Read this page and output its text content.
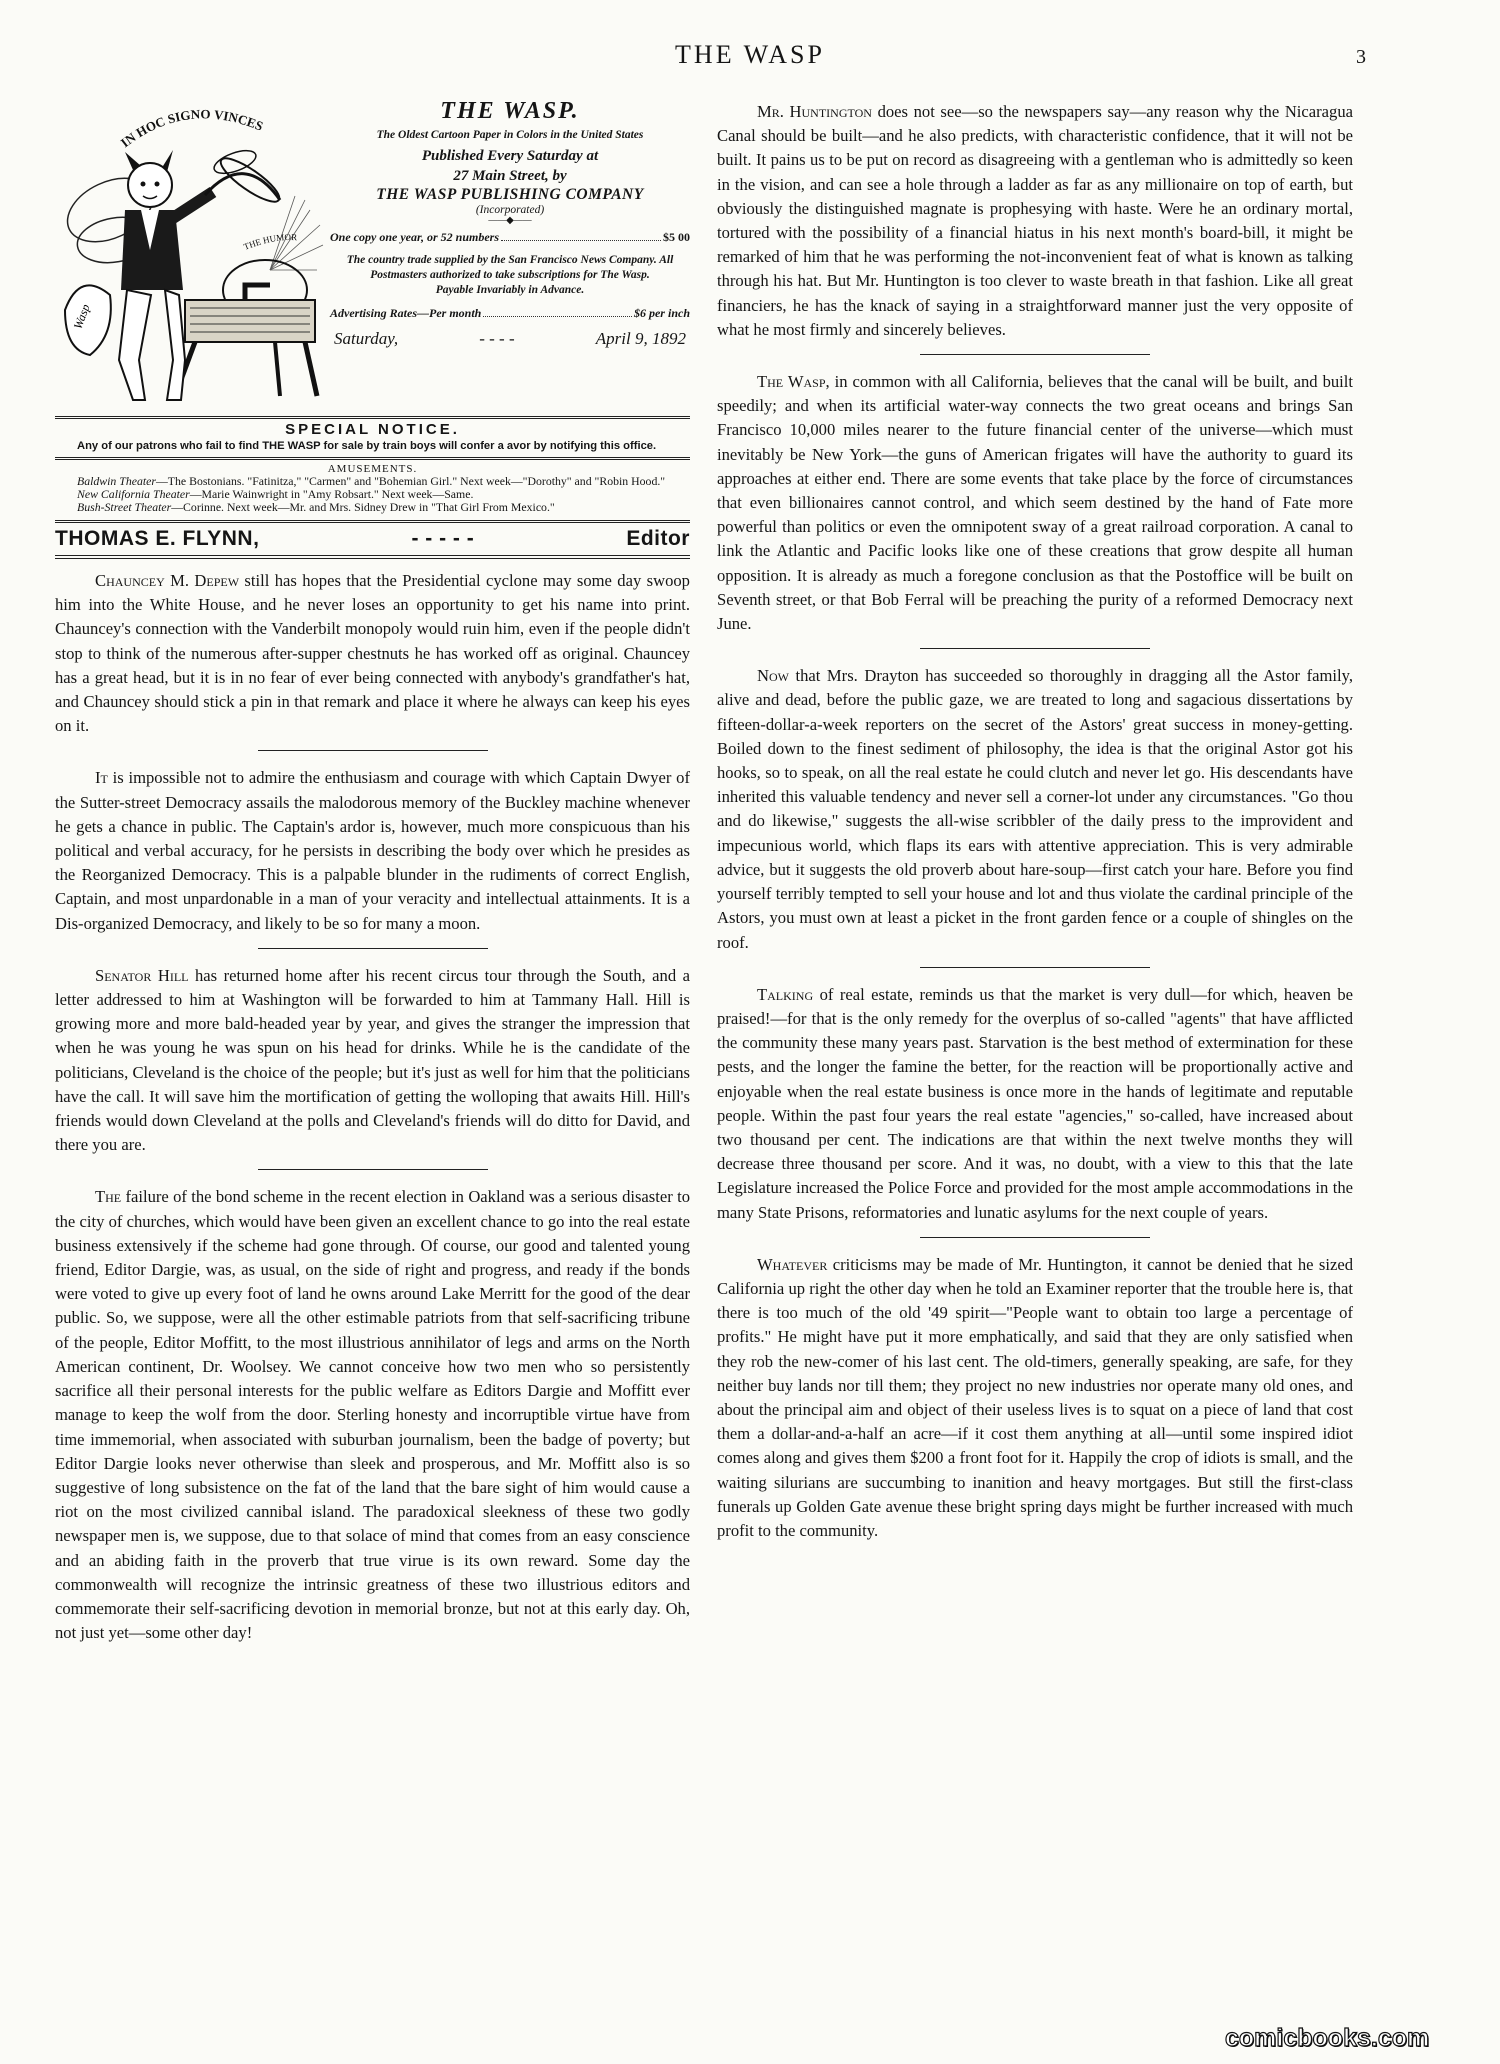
THE WASP	3
IN HOC SIGNO VINCES
THE HUMOR
Wasp
THE WASP.
The Oldest Cartoon Paper in Colors in the United States
Published Every Saturday at
27 Main Street, by
THE WASP PUBLISHING COMPANY
(Incorporated)
——◆——
One copy one year, or 52 numbers	$5 00
The country trade supplied by the San Francisco News Company. All Postmasters authorized to take subscriptions for The Wasp.
Payable Invariably in Advance.
Advertising Rates—Per month	$6 per inch
Saturday,	- - - -	April 9, 1892
SPECIAL NOTICE.
Any of our patrons who fail to find THE WASP for sale by train boys will confer a avor by notifying this office.
AMUSEMENTS.

Baldwin Theater—The Bostonians. "Fatinitza," "Carmen" and "Bohemian Girl." Next week—"Dorothy" and "Robin Hood."

New California Theater—Marie Wainwright in "Amy Robsart." Next week—Same.

Bush-Street Theater—Corinne. Next week—Mr. and Mrs. Sidney Drew in "That Girl From Mexico."

THOMAS E. FLYNN,	- - - - -	Editor

Chauncey M. Depew still has hopes that the Presidential cyclone may some day swoop him into the White House, and he never loses an opportunity to get his name into print. Chauncey's connection with the Vanderbilt monopoly would ruin him, even if the people didn't stop to think of the numerous after-supper chestnuts he has worked off as original. Chauncey has a great head, but it is in no fear of ever being connected with anybody's grandfather's hat, and Chauncey should stick a pin in that remark and place it where he always can keep his eyes on it.

It is impossible not to admire the enthusiasm and courage with which Captain Dwyer of the Sutter-street Democracy assails the malodorous memory of the Buckley machine whenever he gets a chance in public. The Captain's ardor is, however, much more conspicuous than his political and verbal accuracy, for he persists in describing the body over which he presides as the Reorganized Democracy. This is a palpable blunder in the rudiments of correct English, Captain, and most unpardonable in a man of your veracity and intellectual attainments. It is a Dis-organized Democracy, and likely to be so for many a moon.

Senator Hill has returned home after his recent circus tour through the South, and a letter addressed to him at Washington will be forwarded to him at Tammany Hall. Hill is growing more and more bald-headed year by year, and gives the stranger the impression that when he was young he was spun on his head for drinks. While he is the candidate of the politicians, Cleveland is the choice of the people; but it's just as well for him that the politicians have the call. It will save him the mortification of getting the wolloping that awaits Hill. Hill's friends would down Cleveland at the polls and Cleveland's friends will do ditto for David, and there you are.

The failure of the bond scheme in the recent election in Oakland was a serious disaster to the city of churches, which would have been given an excellent chance to go into the real estate business extensively if the scheme had gone through. Of course, our good and talented young friend, Editor Dargie, was, as usual, on the side of right and progress, and ready if the bonds were voted to give up every foot of land he owns around Lake Merritt for the good of the dear public. So, we suppose, were all the other estimable patriots from that self-sacrificing tribune of the people, Editor Moffitt, to the most illustrious annihilator of legs and arms on the North American continent, Dr. Woolsey. We cannot conceive how two men who so persistently sacrifice all their personal interests for the public welfare as Editors Dargie and Moffitt ever manage to keep the wolf from the door. Sterling honesty and incorruptible virtue have from time immemorial, when associated with suburban journalism, been the badge of poverty; but Editor Dargie looks never otherwise than sleek and prosperous, and Mr. Moffitt also is so suggestive of long subsistence on the fat of the land that the bare sight of him would cause a riot on the most civilized cannibal island. The paradoxical sleekness of these two godly newspaper men is, we suppose, due to that solace of mind that comes from an easy conscience and an abiding faith in the proverb that true virue is its own reward. Some day the commonwealth will recognize the intrinsic greatness of these two illustrious editors and commemorate their self-sacrificing devotion in memorial bronze, but not at this early day. Oh, not just yet—some other day!

Mr. Huntington does not see—so the newspapers say—any reason why the Nicaragua Canal should be built—and he also predicts, with characteristic confidence, that it will not be built. It pains us to be put on record as disagreeing with a gentleman who is admittedly so keen in the vision, and can see a hole through a ladder as far as any millionaire on top of earth, but obviously the distinguished magnate is prophesying with haste. Were he an ordinary mortal, tortured with the possibility of a financial hiatus in his next month's board-bill, it might be remarked of him that he was performing the not-inconvenient feat of what is known as talking through his hat. But Mr. Huntington is too clever to waste breath in that fashion. Like all great financiers, he has the knack of saying in a straightforward manner just the very opposite of what he most firmly and sincerely believes.

The Wasp, in common with all California, believes that the canal will be built, and built speedily; and when its artificial water-way connects the two great oceans and brings San Francisco 10,000 miles nearer to the future financial center of the universe—which must inevitably be New York—the guns of American frigates will have the authority to guard its approaches at either end. There are some events that take place by the force of circumstances that even billionaires cannot control, and which seem destined by the hand of Fate more powerful than politics or even the omnipotent sway of a great railroad corporation. A canal to link the Atlantic and Pacific looks like one of these creations that grow despite all human opposition. It is already as much a foregone conclusion as that the Postoffice will be built on Seventh street, or that Bob Ferral will be preaching the purity of a reformed Democracy next June.

Now that Mrs. Drayton has succeeded so thoroughly in dragging all the Astor family, alive and dead, before the public gaze, we are treated to long and sagacious dissertations by fifteen-dollar-a-week reporters on the secret of the Astors' great success in money-getting. Boiled down to the finest sediment of philosophy, the idea is that the original Astor got his hooks, so to speak, on all the real estate he could clutch and never let go. His descendants have inherited this valuable tendency and never sell a corner-lot under any circumstances. "Go thou and do likewise," suggests the all-wise scribbler of the daily press to the improvident and impecunious world, which flaps its ears with attentive appreciation. This is very admirable advice, but it suggests the old proverb about hare-soup—first catch your hare. Before you find yourself terribly tempted to sell your house and lot and thus violate the cardinal principle of the Astors, you must own at least a picket in the front garden fence or a couple of shingles on the roof.

Talking of real estate, reminds us that the market is very dull—for which, heaven be praised!—for that is the only remedy for the overplus of so-called "agents" that have afflicted the community these many years past. Starvation is the best method of extermination for these pests, and the longer the famine the better, for the reaction will be proportionally active and enjoyable when the real estate business is once more in the hands of legitimate and reputable people. Within the past four years the real estate "agencies," so-called, have increased about two thousand per cent. The indications are that within the next twelve months they will decrease three thousand per score. And it was, no doubt, with a view to this that the late Legislature increased the Police Force and provided for the most ample accommodations in the many State Prisons, reformatories and lunatic asylums for the next couple of years.

Whatever criticisms may be made of Mr. Huntington, it cannot be denied that he sized California up right the other day when he told an Examiner reporter that the trouble here is, that there is too much of the old '49 spirit—"People want to obtain too large a percentage of profits." He might have put it more emphatically, and said that they are only satisfied when they rob the new-comer of his last cent. The old-timers, generally speaking, are safe, for they neither buy lands nor till them; they project no new industries nor operate many old ones, and about the principal aim and object of their useless lives is to squat on a piece of land that cost them a dollar-and-a-half an acre—if it cost them anything at all—until some inspired idiot comes along and gives them $200 a front foot for it. Happily the crop of idiots is small, and the waiting silurians are succumbing to inanition and heavy mortgages. But still the first-class funerals up Golden Gate avenue these bright spring days might be further increased with much profit to the community.

comicbooks.com
